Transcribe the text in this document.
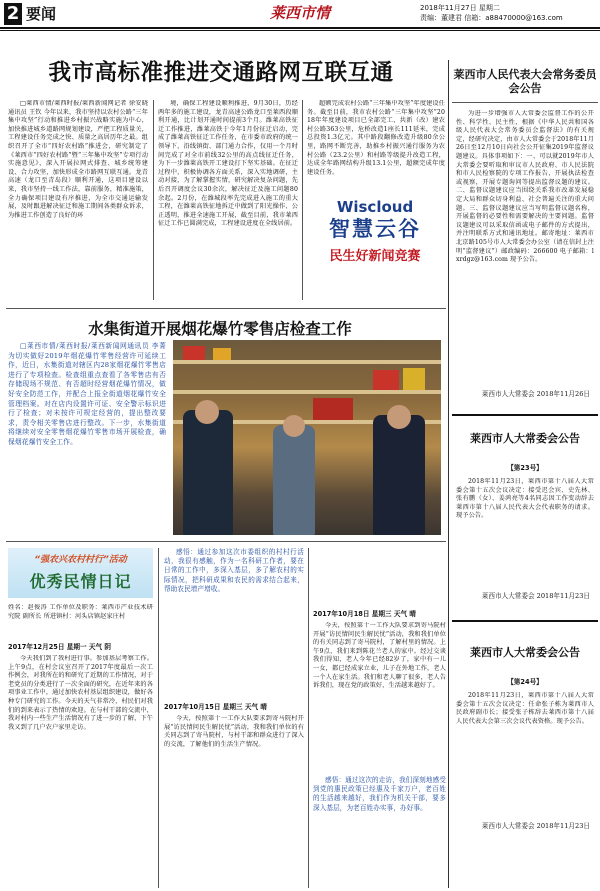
2 要闻	莱西市情	2018年11月27日 星期二
责编：董建君 信箱：a88470000@163.com
我市高标准推进交通路网互联互通

□莱西市情/莱西时报/莱西新闻网记者 徐安晓 通讯员 王钦 今年以来，我市坚持以农村公路“三年集中攻坚”行动和推进乡村振兴战略实施为中心，加快推进城乡道路网规划建设，严把工程质量关，工程建设任务完成之快、质量之高居历年之最。组织召开了全市“四好农村路”推进会，研究制定了《莱西市“四好农村路”暨“三年集中攻坚”专项行动实施意见》，深入开展拉网式排查、城乡统筹建设、合力攻坚，加快形成全市路网互联互通。龙青高速（龙口至青岛段）顺利开通，这项目建设以来，我市坚持一线工作法，靠前服务，精准施策，全力确保项目建设有序推进，为全市交通运输发展，及时跟进解决征迁和施工期间各类群众诉求，为推进工作创造了良好的环

境，确保工程建设顺利推进，9月30日，历经两年多的施工建设，龙青高速公路龙口至莱西段顺利开通，比计划开通时间提前3个月。潍莱高铁征迁工作推进，潍莱高铁于今年1月份征迁启动，完成了潍莱高铁征迁工作任务，在市委市政府的统一领导下，沿线镇街、部门通力合作，仅用一个月时间完成了对全市前线32公里的高点线征迁任务，为下一步潍莱高铁开工建设打下坚实基础。在征迁过程中，积极协调各方面关系，深入实地调研，主动对接，为了解掌握实情，研究解决复杂问题，先后召开调度会议30余次，解决征迁及施工问题80余起。2月份，在潍城段率先完成进入施工的重大工程，在潍莱高铁征地拆迁中做到了阳光操作、公正透明，推进全速施工开展，截至目前，我市莱西征迁工作已圆满完成，工程建设进度在全线居前。

超额完成农村公路“三年集中攻坚”年度建设任务。截至目前，我市农村公路“三年集中攻坚”2018年年度建设项目已全部完工，共新（改）建农村公路363公里，危桥改造1座长111延米，完成总投资1.3亿元。其中路段翻修改造升级80余公里，路网不断完善，助推乡村振兴通行服务为农村公路（23.2公里）和村路等级提升改造工程，达成全年路网结构升级13.1公里，超额完成年度建设任务。

Wiscloud
智慧云谷
民生好新闻竞赛
水集街道开展烟花爆竹零售店检查工作

□莱西市情/莱西时报/莱西新闻网通讯员 李菁 为切实做好2019年烟花爆竹零售经营许可延续工作，近日，水集街道对辖区内28家烟花爆竹零售店进行了专项检查。检查组重点查看了各零售店有否存储现场不规范、有否超时经营烟花爆竹情况，做好安全防范工作，并配合上报全街道烟花爆竹安全管理档案。对在店内设置许可证、安全警示标识进行了检查；对未按许可规定经营的，提出整改要求，责令相关零售店进行整改。下一步，水集街道将继续对安全零售烟花爆竹零售市场开展检查，确保烟花爆竹安全工作。

“强农兴农村村行”活动
优秀民情日记
姓名：赵俊涛 工作单位及职务：莱西市产业技术研究院 副所长 所进镇村：河头店镇赵家庄村
2017年12月25日 星期一 天气 阴

今天我们到了我村进行事。参加基层考察工作。上午9点，在村会议室召开了2017年度最后一次工作例会，对我所在的和研究了近期的工作情况，对于老党员的分类进行了一次全面的研究，在近年来的各项事业工作中，通过加快农村基层组织建设，做好各种专门研究的工作。今天的天气非常冷，村民们对我们的到来表示了热情的欢迎。在与村干部的交流中，我对村内一些生产生活情况有了进一步的了解，下午我又到了几户农户家里走访。

感悟：通过参加这次市委组织的村村行活动，我很有感触，作为一名科研工作者，要在日常的工作中，多深入基层，多了解农村的实际情况，把科研成果和农民的需求结合起来，帮助农民增产增收。

2017年10月15日 星期三 天气 晴

今天，按照第十一工作大队要求到寄马院村开展“访民情问民生解民忧”活动，我和我们单位的有关同志到了寄马院村，与村干部和群众进行了深入的交流，了解他们的生活生产情况。

2017年10月18日 星期三 天气 晴

今天，按照第十一工作大队要求到寄马院村开展“访民情问民生解民忧”活动，我和我们单位的有关同志到了寄马院村，了解村里的情况。上午9点，我们来到陈花兰老人的家中。经过交谈我们得知，老人今年已经82岁了，家中有一儿一女，都已经成家立业，儿子在外地工作，老人一个人在家生活。我们和老人聊了很多，老人告诉我们，现在党的政策好，生活越来越好了。

感悟：通过这次的走访，我们深刻地感受到党的惠民政策已经惠及千家万户，老百姓的生活越来越好，我们作为机关干部，要多深入基层，为老百姓办实事，办好事。

莱西市人民代表大会常务委员会公告

为进一步增强市人大常委会监督工作的公开性、科学性、民主性，根据《中华人民共和国各级人民代表大会常务委员会监督法》的有关规定，经研究决定，由市人大常委会于2018年11月26日至12月10日向社会公开征集2019年监督议题建议。具体事项如下：一、可以就2019年市人大常委会要听取和审议市人民政府、市人民法院和市人民检察院的专项工作报告，开展执法检查或视察，开展专题询问等提出监督议题的建议。二、监督议题建议应当围绕关系我市改革发展稳定大局和群众切身利益、社会普遍关注的重大问题。三、监督议题建议应当写明监督议题名称，开展监督的必要性和需要解决的主要问题。监督议题建议可以采取信函或电子邮件的方式提出，并注明联系方式和通讯地址。邮寄地址：莱西市北京路105号市人大常委会办公室（请在信封上注明“监督建议”）邮政编码：266600 电子邮箱：lxrdgz@163.com 现予公告。

莱西市人大常委会 2018年11月26日
莱西市人大常委会公告
【第23号】

2018年11月23日，莱西市第十八届人大常委会第十五次会议决定：接受迟会宾、史先林、张有鹏（女）、姜鸿亮等4名同志因工作变动辞去莱西市第十八届人民代表大会代表职务的请求。现予公告。

莱西市人大常委会 2018年11月23日
莱西市人大常委会公告
【第24号】

2018年11月23日，莱西市第十八届人大常委会第十五次会议决定：任命张子栋为莱西市人民政府副市长；接受张子栋辞去莱西市第十八届人民代表大会第三次会议代表资格。现予公告。

莱西市人大常委会 2018年11月23日
